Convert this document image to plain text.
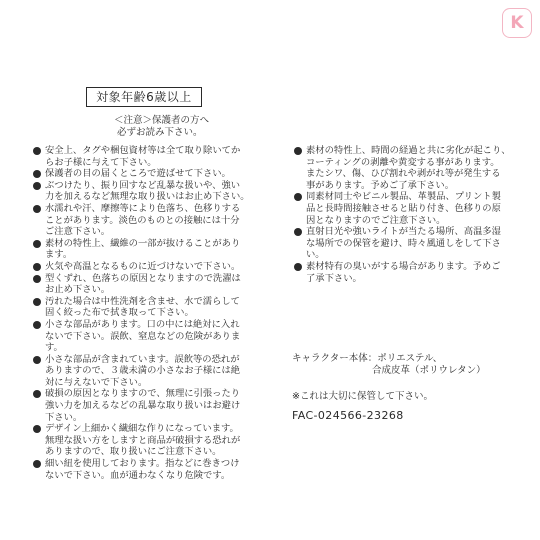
K
対象年齢6歳以上
＜注意＞保護者の方へ
必ずお読み下さい。
安全上、タグや梱包資材等は全て取り除いてか
らお子様に与えて下さい。
保護者の目の届くところで遊ばせて下さい。
ぶつけたり、振り回すなど乱暴な扱いや、強い
力を加えるなど無理な取り扱いはお止め下さい。
水濡れや汗、摩擦等により色落ち、色移りする
ことがあります。淡色のものとの接触には十分
ご注意下さい。
素材の特性上、繊維の一部が抜けることがあり
ます。
火気や高温となるものに近づけないで下さい。
型くずれ、色落ちの原因となりますので洗濯は
お止め下さい。
汚れた場合は中性洗剤を含ませ、水で濡らして
固く絞った布で拭き取って下さい。
小さな部品があります。口の中には絶対に入れ
ないで下さい。誤飲、窒息などの危険がありま
す。
小さな部品が含まれています。誤飲等の恐れが
ありますので、３歳未満の小さなお子様には絶
対に与えないで下さい。
破損の原因となりますので、無理に引張ったり
強い力を加えるなどの乱暴な取り扱いはお避け
下さい。
デザイン上細かく繊細な作りになっています。
無理な扱い方をしますと商品が破損する恐れが
ありますので、取り扱いにご注意下さい。
細い紐を使用しております。指などに巻きつけ
ないで下さい。血が通わなくなり危険です。
素材の特性上、時間の経過と共に劣化が起こり、
コーティングの剥離や黄変する事があります。
またシワ、傷、ひび割れや剥がれ等が発生する
事があります。予めご了承下さい。
同素材同士やビニル製品、革製品、プリント製
品と長時間接触させると貼り付き、色移りの原
因となりますのでご注意下さい。
直射日光や強いライトが当たる場所、高温多湿
な場所での保管を避け、時々風通しをして下さ
い。
素材特有の臭いがする場合があります。予めご
了承下さい。
キャラクター本体：ポリエステル、
合成皮革（ポリウレタン）
※これは大切に保管して下さい。
FAC-024566-23268
